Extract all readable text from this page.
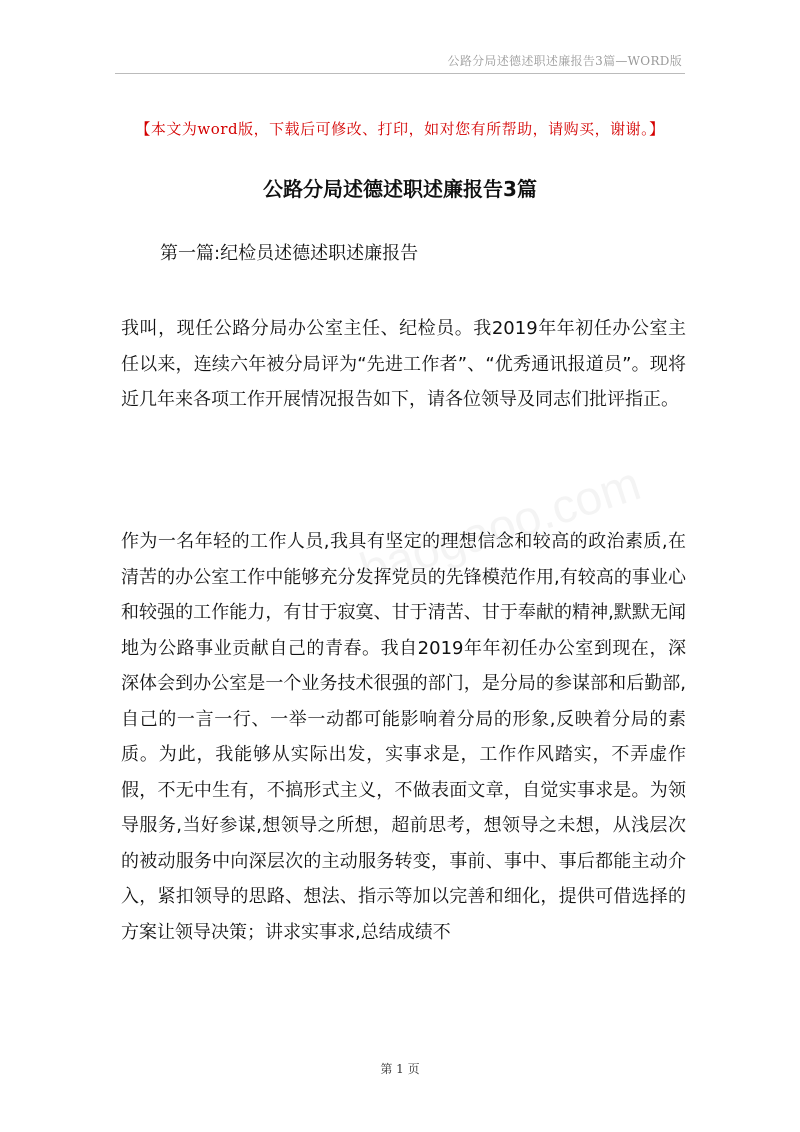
公路分局述德述职述廉报告3篇—WORD版
【本文为word版，下载后可修改、打印，如对您有所帮助，请购买，谢谢。】
公路分局述德述职述廉报告3篇
第一篇:纪检员述德述职述廉报告

我叫，现任公路分局办公室主任、纪检员。我2019年年初任办公室主任以来，连续六年被分局评为“先进工作者”、“优秀通讯报道员”。现将近几年来各项工作开展情况报告如下，请各位领导及同志们批评指正。

作为一名年轻的工作人员,我具有坚定的理想信念和较高的政治素质,在清苦的办公室工作中能够充分发挥党员的先锋模范作用,有较高的事业心和较强的工作能力，有甘于寂寞、甘于清苦、甘于奉献的精神,默默无闻地为公路事业贡献自己的青春。我自2019年年初任办公室到现在，深深体会到办公室是一个业务技术很强的部门，是分局的参谋部和后勤部,自己的一言一行、一举一动都可能影响着分局的形象,反映着分局的素质。为此，我能够从实际出发，实事求是，工作作风踏实，不弄虚作假，不无中生有，不搞形式主义，不做表面文章，自觉实事求是。为领导服务,当好参谋,想领导之所想，超前思考，想领导之未想，从浅层次的被动服务中向深层次的主动服务转变，事前、事中、事后都能主动介入，紧扣领导的思路、想法、指示等加以完善和细化，提供可借选择的方案让领导决策；讲求实事求,总结成绩不

第 1 页
